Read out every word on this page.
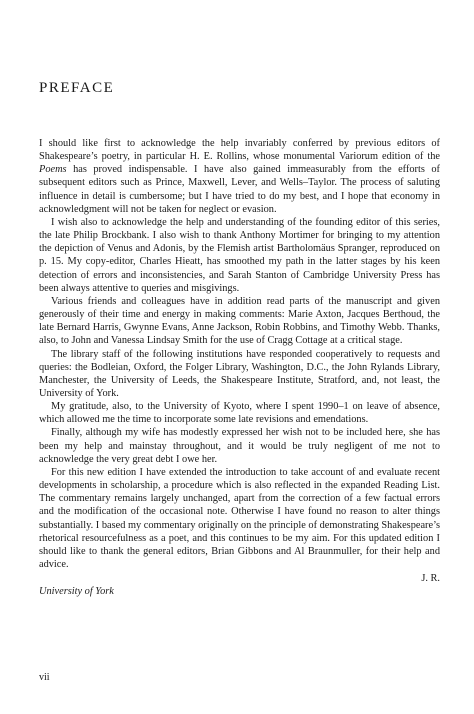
PREFACE

I should like first to acknowledge the help invariably conferred by previous editors of Shakespeare’s poetry, in particular H. E. Rollins, whose monumental Variorum edition of the Poems has proved indispensable. I have also gained immeasurably from the efforts of subsequent editors such as Prince, Maxwell, Lever, and Wells–Taylor. The process of saluting influence in detail is cumbersome; but I have tried to do my best, and I hope that economy in acknowledgment will not be taken for neglect or evasion.

I wish also to acknowledge the help and understanding of the founding editor of this series, the late Philip Brockbank. I also wish to thank Anthony Mortimer for bringing to my attention the depiction of Venus and Adonis, by the Flemish artist Bartholomäus Spranger, reproduced on p. 15. My copy-editor, Charles Hieatt, has smoothed my path in the latter stages by his keen detection of errors and inconsistencies, and Sarah Stanton of Cambridge University Press has been always attentive to queries and misgivings.

Various friends and colleagues have in addition read parts of the manuscript and given generously of their time and energy in making comments: Marie Axton, Jacques Berthoud, the late Bernard Harris, Gwynne Evans, Anne Jackson, Robin Robbins, and Timothy Webb. Thanks, also, to John and Vanessa Lindsay Smith for the use of Cragg Cottage at a critical stage.

The library staff of the following institutions have responded cooperatively to requests and queries: the Bodleian, Oxford, the Folger Library, Washington, D.C., the John Rylands Library, Manchester, the University of Leeds, the Shakespeare Institute, Stratford, and, not least, the University of York.

My gratitude, also, to the University of Kyoto, where I spent 1990–1 on leave of absence, which allowed me the time to incorporate some late revisions and emendations.

Finally, although my wife has modestly expressed her wish not to be included here, she has been my help and mainstay throughout, and it would be truly negligent of me not to acknowledge the very great debt I owe her.

For this new edition I have extended the introduction to take account of and evaluate recent developments in scholarship, a procedure which is also reflected in the expanded Reading List. The commentary remains largely unchanged, apart from the correction of a few factual errors and the modification of the occasional note. Otherwise I have found no reason to alter things substantially. I based my commentary originally on the principle of demonstrating Shakespeare’s rhetorical resourcefulness as a poet, and this continues to be my aim. For this updated edition I should like to thank the general editors, Brian Gibbons and Al Braunmuller, for their help and advice.

J. R.
University of York
vii
